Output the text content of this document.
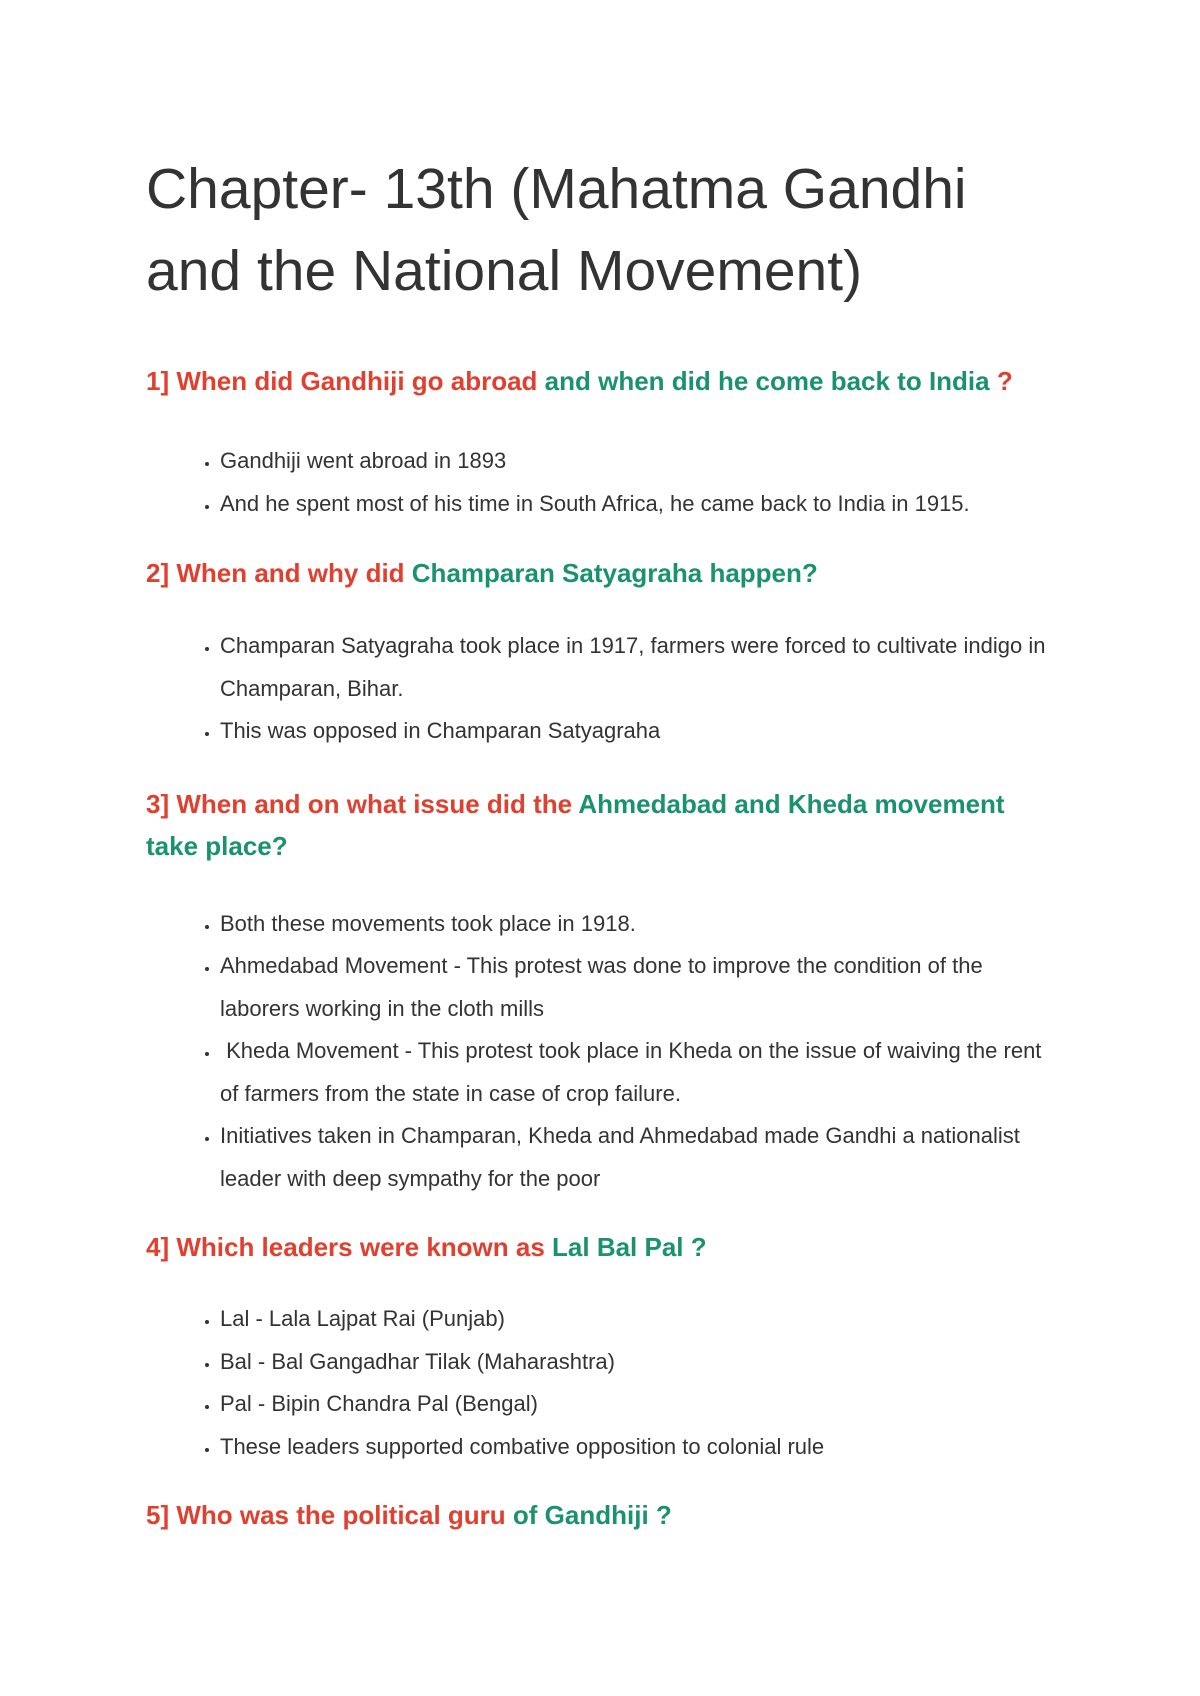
Chapter- 13th (Mahatma Gandhi and the National Movement)
1] When did Gandhiji go abroad and when did he come back to India ?
• Gandhiji went abroad in 1893
• And he spent most of his time in South Africa, he came back to India in 1915.
2] When and why did Champaran Satyagraha happen?
• Champaran Satyagraha took place in 1917, farmers were forced to cultivate indigo in Champaran, Bihar.
• This was opposed in Champaran Satyagraha
3] When and on what issue did the Ahmedabad and Kheda movement take place?
• Both these movements took place in 1918.
• Ahmedabad Movement - This protest was done to improve the condition of the laborers working in the cloth mills
•  Kheda Movement - This protest took place in Kheda on the issue of waiving the rent of farmers from the state in case of crop failure.
• Initiatives taken in Champaran, Kheda and Ahmedabad made Gandhi a nationalist leader with deep sympathy for the poor
4] Which leaders were known as Lal Bal Pal ?
• Lal - Lala Lajpat Rai (Punjab)
• Bal - Bal Gangadhar Tilak (Maharashtra)
• Pal - Bipin Chandra Pal (Bengal)
• These leaders supported combative opposition to colonial rule
5] Who was the political guru of Gandhiji ?
